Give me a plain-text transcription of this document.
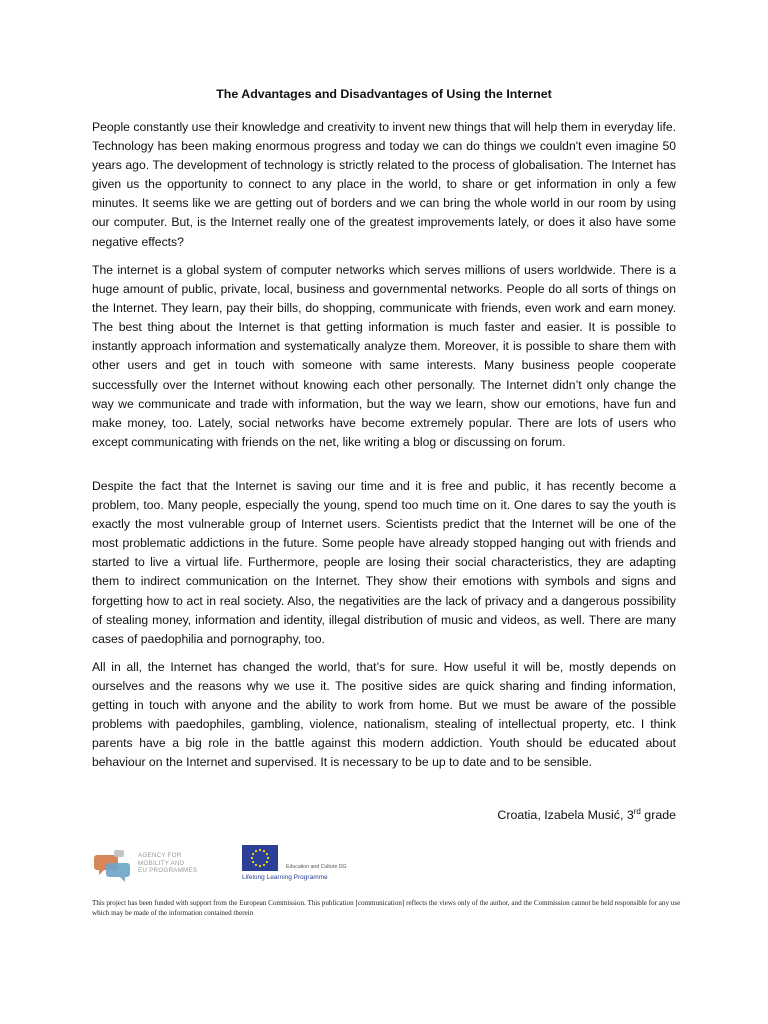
The Advantages and Disadvantages of Using the Internet

People constantly use their knowledge and creativity to invent new things that will help them in everyday life. Technology has been making enormous progress and today we can do things we couldn't even imagine 50 years ago. The development of technology is strictly related to the process of globalisation. The Internet has given us the opportunity to connect to any place in the world, to share or get information in only a few minutes. It seems like we are getting out of borders and we can bring the whole world in our room by using our computer. But, is the Internet really one of the greatest improvements lately, or does it also have some negative effects?

The internet is a global system of computer networks which serves millions of users worldwide. There is a huge amount of public, private, local, business and governmental networks. People do all sorts of things on the Internet. They learn, pay their bills, do shopping, communicate with friends, even work and earn money. The best thing about the Internet is that getting information is much faster and easier. It is possible to instantly approach information and systematically analyze them. Moreover, it is possible to share them with other users and get in touch with someone with same interests. Many business people cooperate successfully over the Internet without knowing each other personally. The Internet didn’t only change the way we communicate and trade with information, but the way we learn, show our emotions, have fun and make money, too. Lately, social networks have become extremely popular. There are lots of users who except communicating with friends on the net, like writing a blog or discussing on forum.

Despite the fact that the Internet is saving our time and it is free and public, it has recently become a problem, too. Many people, especially the young, spend too much time on it. One dares to say the youth is exactly the most vulnerable group of Internet users. Scientists predict that the Internet will be one of the most problematic addictions in the future. Some people have already stopped hanging out with friends and started to live a virtual life. Furthermore, people are losing their social characteristics, they are adapting them to indirect communication on the Internet. They show their emotions with symbols and signs and forgetting how to act in real society. Also, the negativities are the lack of privacy and a dangerous possibility of stealing money, information and identity, illegal distribution of music and videos, as well. There are many cases of paedophilia and pornography, too.

All in all, the Internet has changed the world, that’s for sure. How useful it will be, mostly depends on ourselves and the reasons why we use it. The positive sides are quick sharing and finding information, getting in touch with anyone and the ability to work from home. But we must be aware of the possible problems with paedophiles, gambling, violence, nationalism, stealing of intellectual property, etc. I think parents have a big role in the battle against this modern addiction. Youth should be educated about behaviour on the Internet and supervised. It is necessary to be up to date and to be sensible.

Croatia, Izabela Musić, 3rd grade
AGENCY FOR
MOBILITY AND
EU PROGRAMMES	Education and Culture DG
Lifelong Learning Programme

This project has been funded with support from the European Commission. This publication [communication] reflects the views only of the author, and the Commission cannot be held responsible for any use which may be made of the information contained therein
